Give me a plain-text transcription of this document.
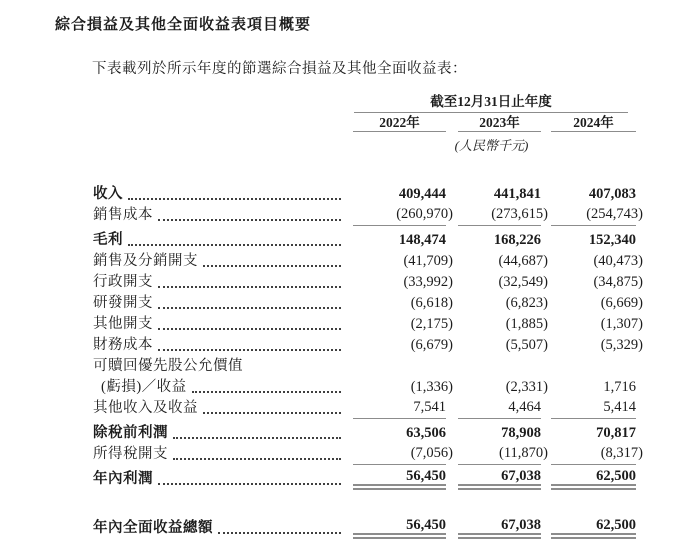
綜合損益及其他全面收益表項目概要
下表載列於所示年度的節選綜合損益及其他全面收益表：
截至12月31日止年度
2022年	2023年	2024年
(人民幣千元)
收入	409,444	441,841	407,083
銷售成本	(260,970)	(273,615)	(254,743)
毛利	148,474	168,226	152,340
銷售及分銷開支	(41,709)	(44,687)	(40,473)
行政開支	(33,992)	(32,549)	(34,875)
研發開支	(6,618)	(6,823)	(6,669)
其他開支	(2,175)	(1,885)	(1,307)
財務成本	(6,679)	(5,507)	(5,329)
可贖回優先股公允價值
(虧損)／收益	(1,336)	(2,331)	1,716
其他收入及收益	7,541	4,464	5,414
除稅前利潤	63,506	78,908	70,817
所得稅開支	(7,056)	(11,870)	(8,317)
年內利潤	56,450	67,038	62,500
年內全面收益總額	56,450	67,038	62,500
